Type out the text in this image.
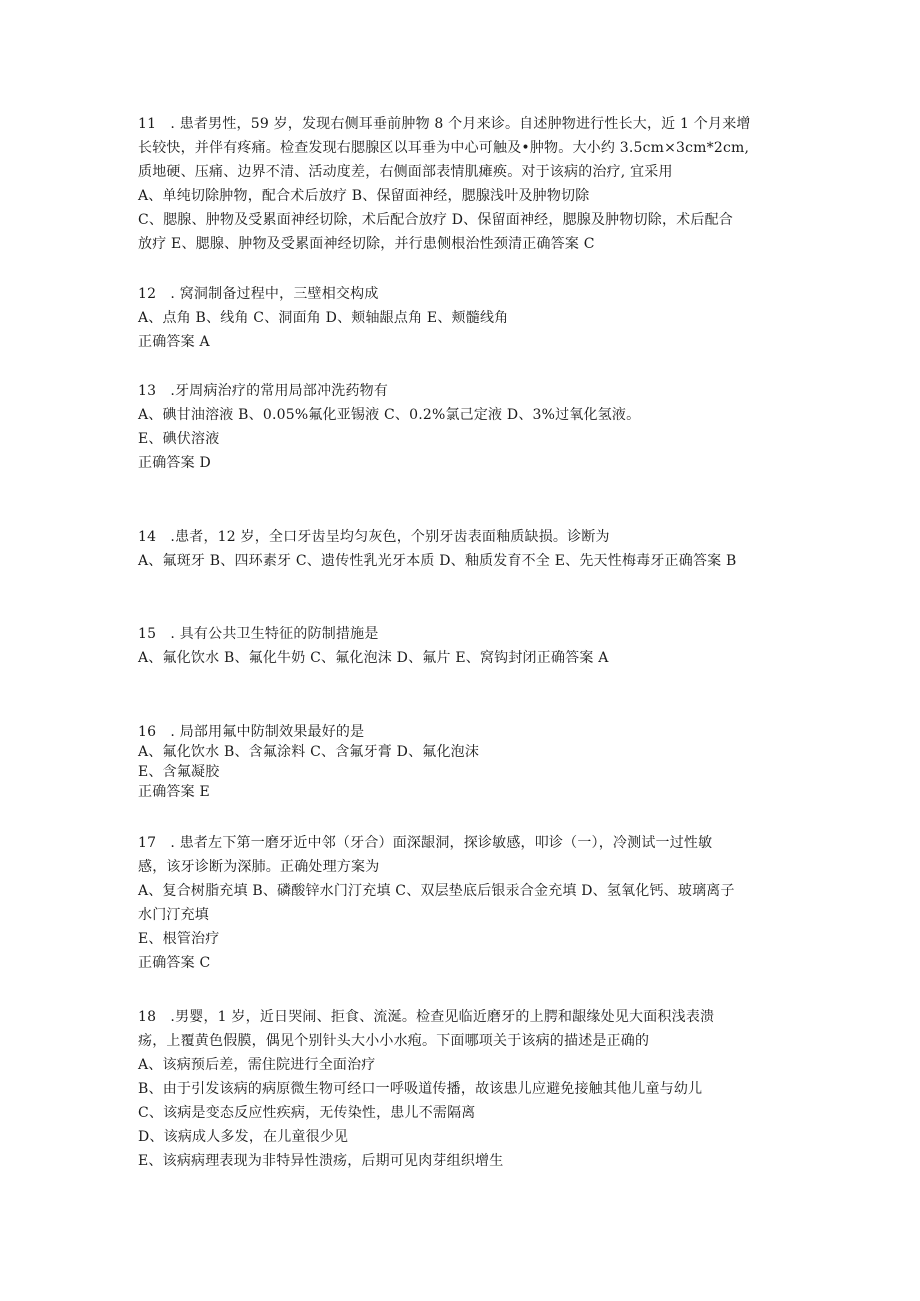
11　. 患者男性，59 岁，发现右侧耳垂前肿物 8 个月来诊。自述肿物进行性长大，近 1 个月来增
长较快，并伴有疼痛。检查发现右腮腺区以耳垂为中心可触及•肿物。大小约 3.5cm×3cm*2cm,
质地硬、压痛、边界不清、活动度差，右侧面部表情肌瘫痪。对于该病的治疗, 宜采用
A、单纯切除肿物，配合术后放疗 B、保留面神经，腮腺浅叶及肿物切除
C、腮腺、肿物及受累面神经切除，术后配合放疗 D、保留面神经，腮腺及肿物切除，术后配合
放疗 E、腮腺、肿物及受累面神经切除，并行患侧根治性颈清正确答案 C
12　. 窝洞制备过程中，三壁相交构成
A、点角 B、线角 C、洞面角 D、颊轴龈点角 E、颊髓线角
正确答案 A
13　.牙周病治疗的常用局部冲洗药物有
A、碘甘油溶液 B、0.05%氟化亚锡液 C、0.2%氯己定液 D、3%过氧化氢液。
E、碘伏溶液
正确答案 D
14　.患者，12 岁，全口牙齿呈均匀灰色，个别牙齿表面釉质缺损。诊断为
A、氟斑牙 B、四环素牙 C、遗传性乳光牙本质 D、釉质发育不全 E、先天性梅毒牙正确答案 B
15　. 具有公共卫生特征的防制措施是
A、氟化饮水 B、氟化牛奶 C、氟化泡沫 D、氟片 E、窝钩封闭正确答案 A
16　. 局部用氟中防制效果最好的是
A、氟化饮水 B、含氟涂料 C、含氟牙膏 D、氟化泡沫
E、含氟凝胶
正确答案 E
17　. 患者左下第一磨牙近中邻（牙合）面深龈洞，探诊敏感，叩诊（一），冷测试一过性敏
感，该牙诊断为深肺。正确处理方案为
A、复合树脂充填 B、磷酸锌水门汀充填 C、双层垫底后银汞合金充填 D、氢氧化钙、玻璃离子
水门汀充填
E、根管治疗
正确答案 C
18　.男婴，1 岁，近日哭闹、拒食、流涎。检查见临近磨牙的上腭和龈缘处见大面积浅表溃
疡，上覆黄色假膜，偶见个别针头大小小水疱。下面哪项关于该病的描述是正确的
A、该病预后差，需住院进行全面治疗
B、由于引发该病的病原微生物可经口一呼吸道传播，故该患儿应避免接触其他儿童与幼儿
C、该病是变态反应性疾病，无传染性，患儿不需隔离
D、该病成人多发，在儿童很少见
E、该病病理表现为非特异性溃疡，后期可见肉芽组织增生
